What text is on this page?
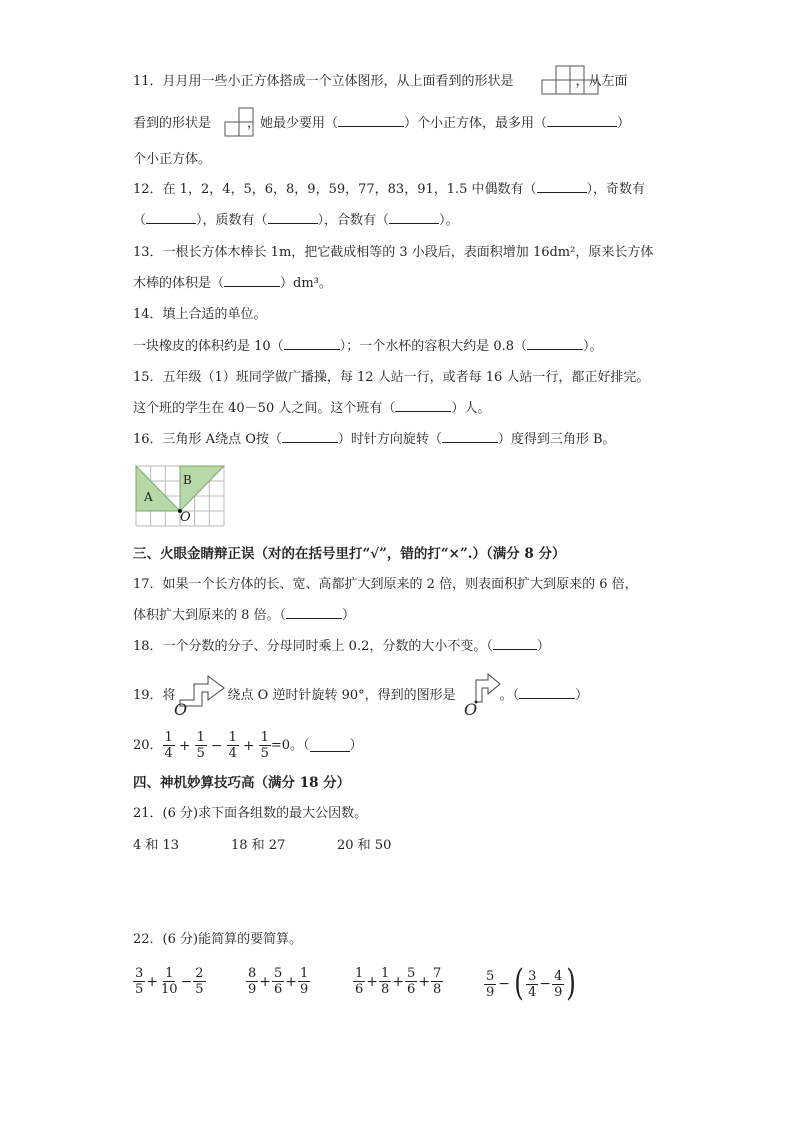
11．月月用一些小正方体搭成一个立体图形，从上面看到的形状是	，从左面
看到的形状是	，她最少要用（	）个小正方体，最多用（	）
个小正方体。
12．在 1，2，4，5，6，8，9，59，77，83，91，1.5 中偶数有（	），奇数有
（	），质数有（	），合数有（	）。
13．一根长方体木棒长 1m，把它截成相等的 3 小段后，表面积增加 16dm²，原来长方体
木棒的体积是（	）dm³。
14．填上合适的单位。
一块橡皮的体积约是 10（	）；一个水杯的容积大约是 0.8（	）。
15．五年级（1）班同学做广播操，每 12 人站一行，或者每 16 人站一行，都正好排完。
这个班的学生在 40－50 人之间。这个班有（	）人。
16．三角形 A绕点 O按（	）时针方向旋转（	）度得到三角形 B。
A
B
O
三、火眼金睛辩正误（对的在括号里打“√”，错的打“×”.）（满分 8 分）
17．如果一个长方体的长、宽、高都扩大到原来的 2 倍，则表面积扩大到原来的 6 倍，
体积扩大到原来的 8 倍。（	）
18．一个分数的分子、分母同时乘上 0.2，分数的大小不变。（	）
19．将	绕点 O 逆时针旋转 90°，得到的图形是	。（	）
O	O
20． $\frac{1}{4} + \frac{1}{5} - \frac{1}{4} + \frac{1}{5} =0$。（	）
四、神机妙算技巧高（满分 18 分）
21．(6 分)求下面各组数的最大公因数。
4 和 13	18 和 27	20 和 50
22．(6 分)能简算的要简算。
$\frac{3}{5} + \frac{1}{10} - \frac{2}{5}$	$\frac{8}{9} + \frac{5}{6} + \frac{1}{9}$	$\frac{1}{6} + \frac{1}{8} + \frac{5}{6} + \frac{7}{8}$	$\frac{5}{9}$ − ( $\frac{3}{4} - \frac{4}{9}$ )
